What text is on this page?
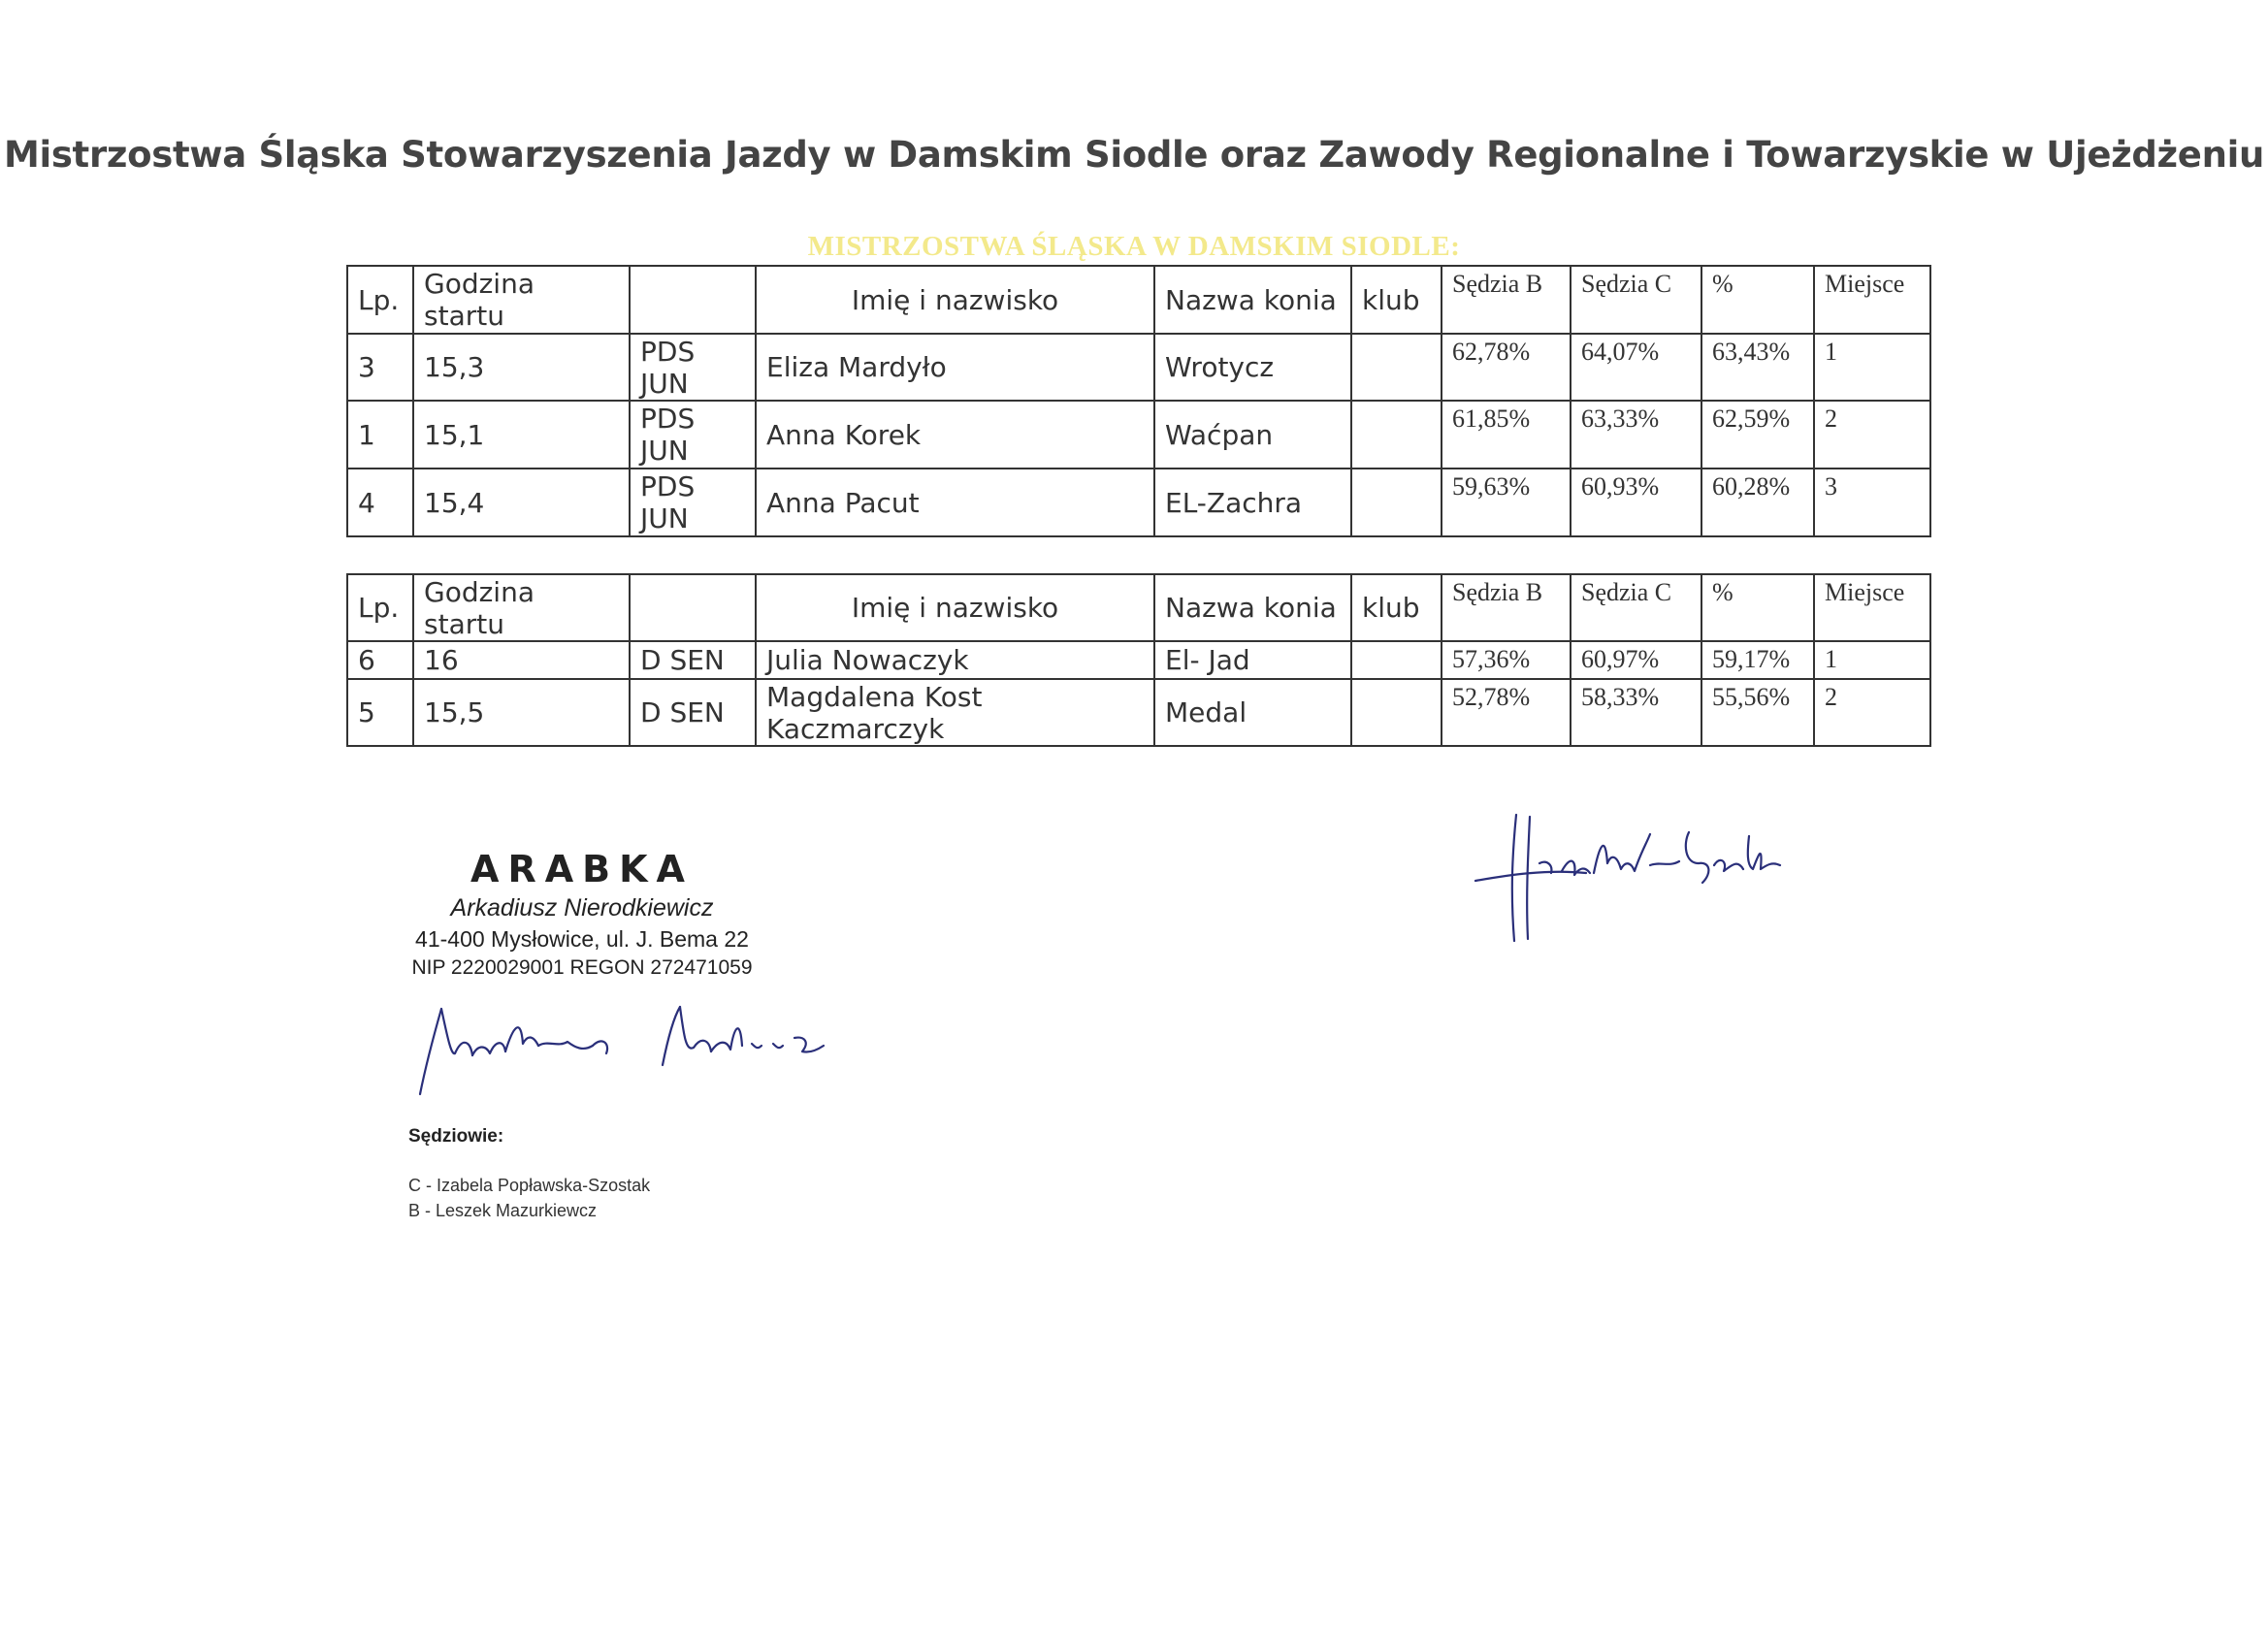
Mistrzostwa Śląska Stowarzyszenia Jazdy w Damskim Siodle oraz Zawody Regionalne i Towarzyskie w Ujeżdżeniu
MISTRZOSTWA ŚLĄSKA W DAMSKIM SIODLE:
Lp.	Godzina startu		Imię i nazwisko	Nazwa konia	klub	Sędzia B	Sędzia C	%	Miejsce
3	15,3	PDS JUN	Eliza Mardyło	Wrotycz		62,78%	64,07%	63,43%	1
1	15,1	PDS JUN	Anna Korek	Waćpan		61,85%	63,33%	62,59%	2
4	15,4	PDS JUN	Anna Pacut	EL-Zachra		59,63%	60,93%	60,28%	3
Lp.	Godzina startu		Imię i nazwisko	Nazwa konia	klub	Sędzia B	Sędzia C	%	Miejsce
6	16	D SEN	Julia Nowaczyk	El- Jad		57,36%	60,97%	59,17%	1
5	15,5	D SEN	Magdalena Kost Kaczmarczyk	Medal		52,78%	58,33%	55,56%	2
ARABKA
Arkadiusz Nierodkiewicz
41-400 Mysłowice, ul. J. Bema 22
NIP 2220029001 REGON 272471059
Sędziowie:
C - Izabela Popławska-Szostak
B - Leszek Mazurkiewcz
